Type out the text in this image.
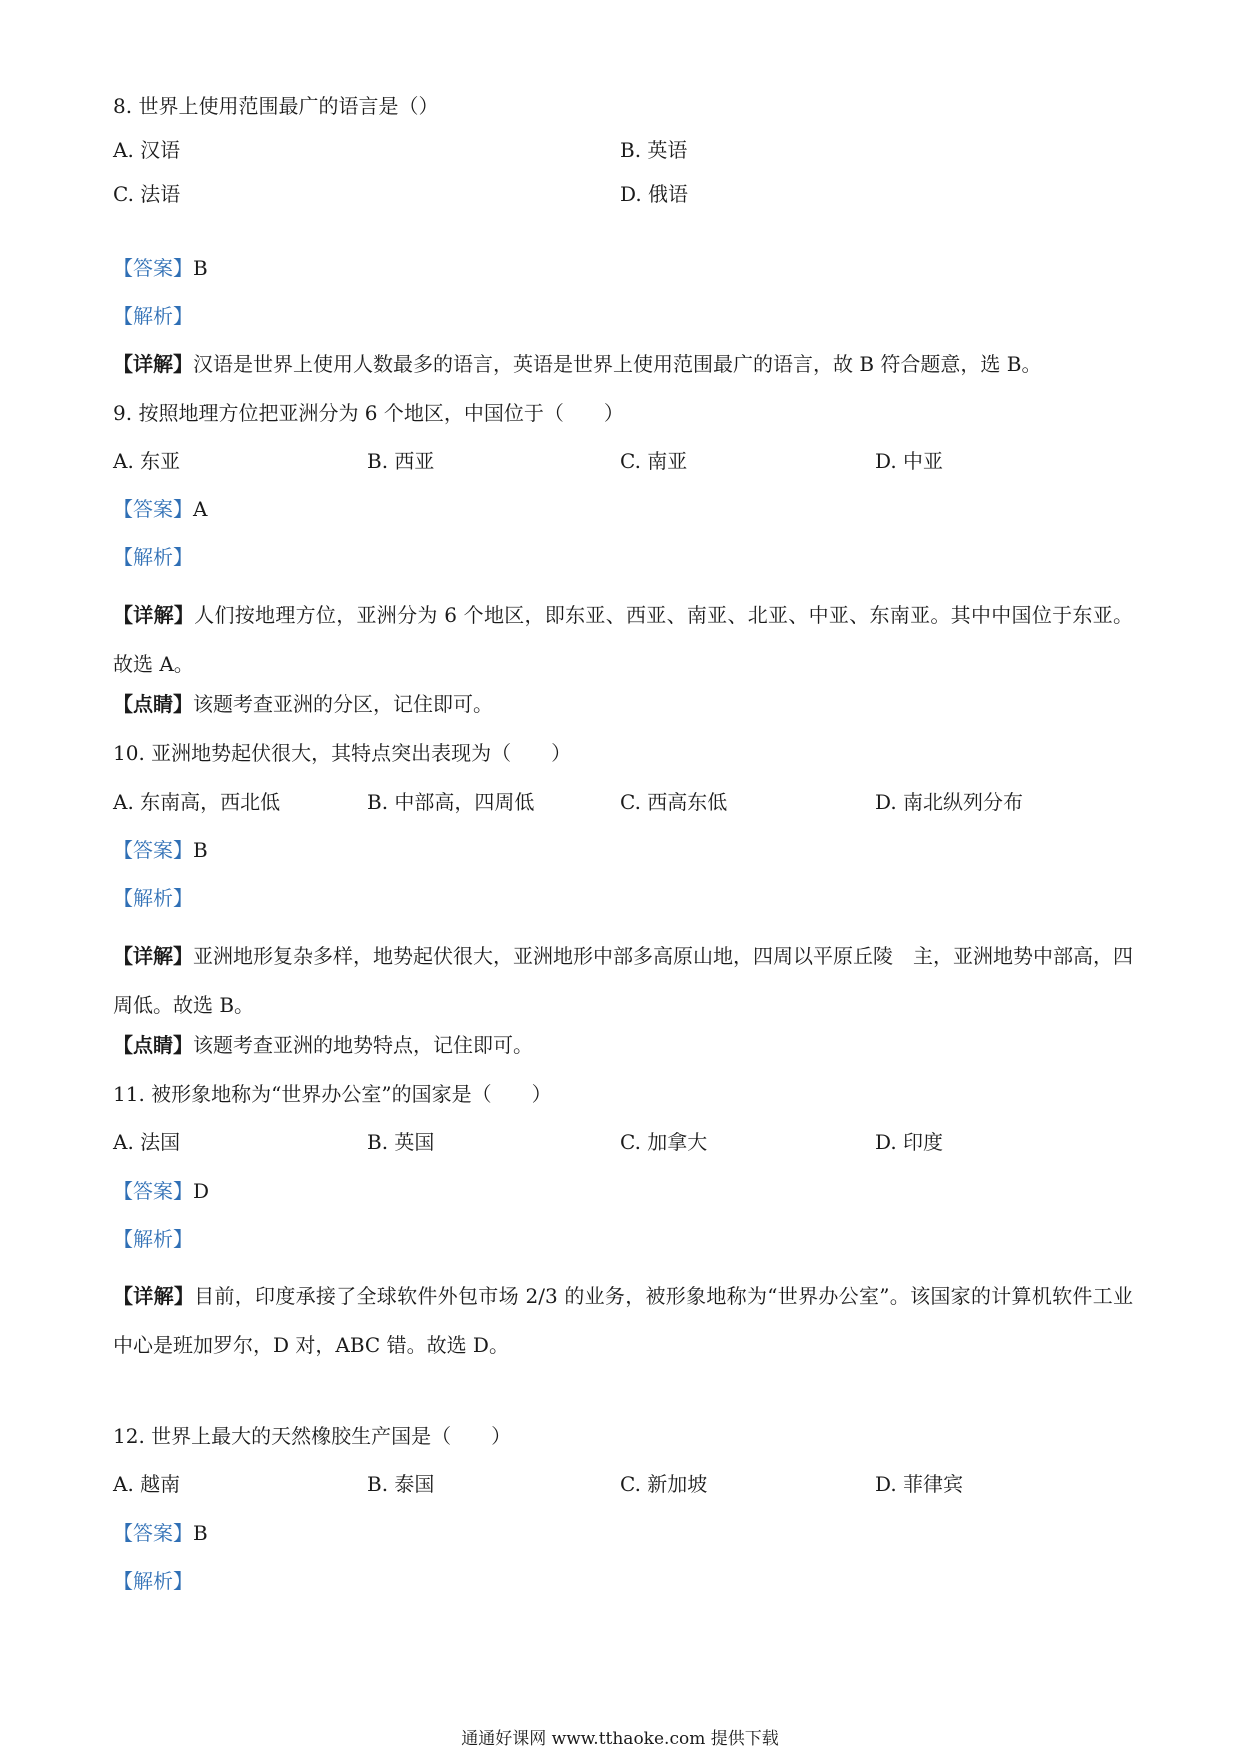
8. 世界上使用范围最广的语言是（）
A. 汉语	B. 英语
C. 法语	D. 俄语
【答案】B
【解析】
【详解】汉语是世界上使用人数最多的语言，英语是世界上使用范围最广的语言，故 B 符合题意，选 B。
9. 按照地理方位把亚洲分为 6 个地区，中国位于（　　）
A. 东亚	B. 西亚	C. 南亚	D. 中亚
【答案】A
【解析】
【详解】人们按地理方位，亚洲分为 6 个地区，即东亚、西亚、南亚、北亚、中亚、东南亚。其中中国位于东亚。故选 A。
【点睛】该题考查亚洲的分区，记住即可。
10. 亚洲地势起伏很大，其特点突出表现为（　　）
A. 东南高，西北低	B. 中部高，四周低	C. 西高东低	D. 南北纵列分布
【答案】B
【解析】
【详解】亚洲地形复杂多样，地势起伏很大，亚洲地形中部多高原山地，四周以平原丘陵　主，亚洲地势中部高，四周低。故选 B。
【点睛】该题考查亚洲的地势特点，记住即可。
11. 被形象地称为“世界办公室”的国家是（　　）
A. 法国	B. 英国	C. 加拿大	D. 印度
【答案】D
【解析】
【详解】目前，印度承接了全球软件外包市场 2/3 的业务，被形象地称为“世界办公室”。该国家的计算机软件工业中心是班加罗尔，D 对，ABC 错。故选 D。
12. 世界上最大的天然橡胶生产国是（　　）
A. 越南	B. 泰国	C. 新加坡	D. 菲律宾
【答案】B
【解析】
通通好课网 www.tthaoke.com 提供下载
